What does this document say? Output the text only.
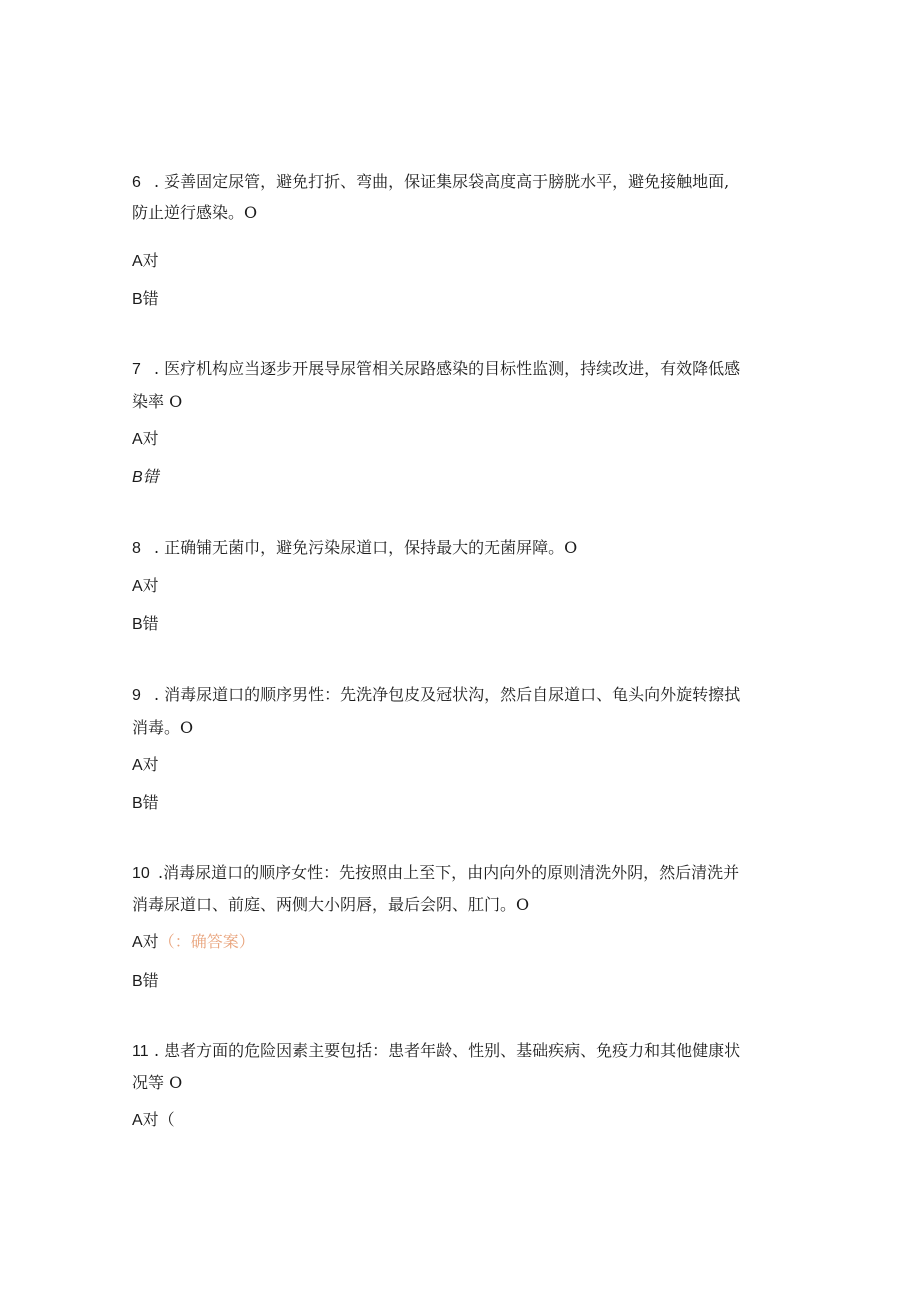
6 . 妥善固定尿管，避免打折、弯曲，保证集尿袋高度高于膀胱水平，避免接触地面,
防止逆行感染。O
A对
B错
7 . 医疗机构应当逐步开展导尿管相关尿路感染的目标性监测，持续改进，有效降低感
染率 O
A对
B错
8 . 正确铺无菌巾，避免污染尿道口，保持最大的无菌屏障。O
A对
B错
9 . 消毒尿道口的顺序男性：先洗净包皮及冠状沟，然后自尿道口、龟头向外旋转擦拭
消毒。O
A对
B错
10 .消毒尿道口的顺序女性：先按照由上至下，由内向外的原则清洗外阴，然后清洗并
消毒尿道口、前庭、两侧大小阴唇，最后会阴、肛门。O
A对（：确答案）
B错
11 . 患者方面的危险因素主要包括：患者年龄、性别、基础疾病、免疫力和其他健康状
况等 O
A对（
